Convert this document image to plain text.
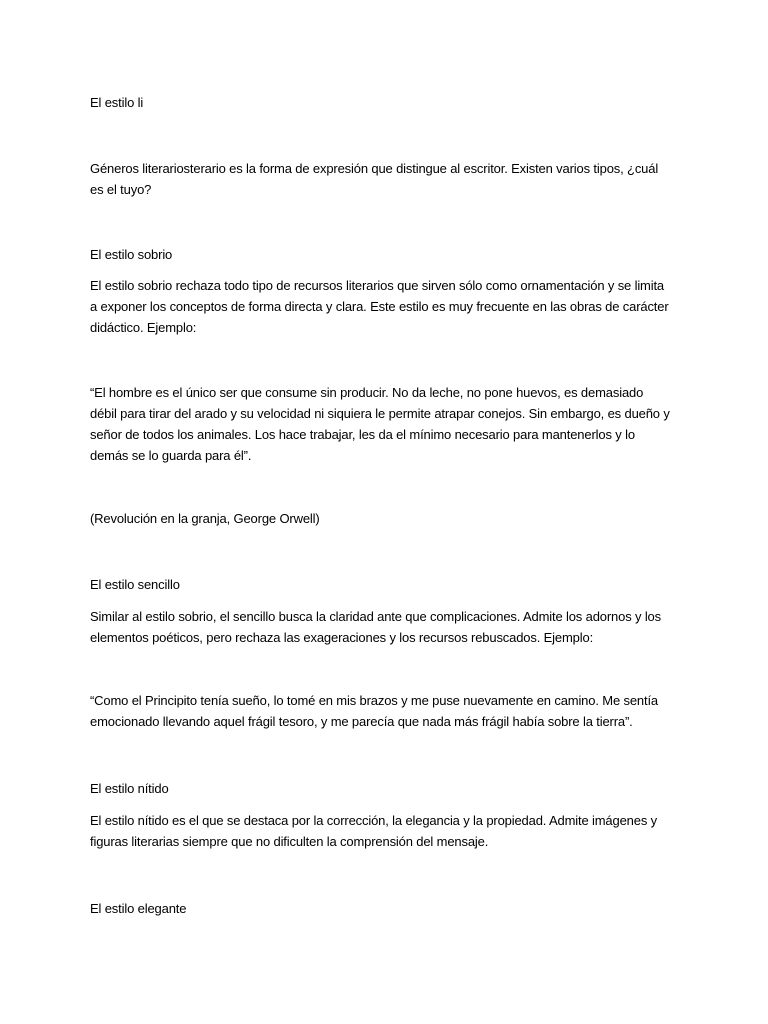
El estilo li

Géneros literariosterario es la forma de expresión que distingue al escritor. Existen varios tipos, ¿cuál es el tuyo?

El estilo sobrio

El estilo sobrio rechaza todo tipo de recursos literarios que sirven sólo como ornamentación y se limita a exponer los conceptos de forma directa y clara. Este estilo es muy frecuente en las obras de carácter didáctico. Ejemplo:

“El hombre es el único ser que consume sin producir. No da leche, no pone huevos, es demasiado débil para tirar del arado y su velocidad ni siquiera le permite atrapar conejos. Sin embargo, es dueño y señor de todos los animales. Los hace trabajar, les da el mínimo necesario para mantenerlos y lo demás se lo guarda para él”.

(Revolución en la granja, George Orwell)

El estilo sencillo

Similar al estilo sobrio, el sencillo busca la claridad ante que complicaciones. Admite los adornos y los elementos poéticos, pero rechaza las exageraciones y los recursos rebuscados. Ejemplo:

“Como el Principito tenía sueño, lo tomé en mis brazos y me puse nuevamente en camino. Me sentía emocionado llevando aquel frágil tesoro, y me parecía que nada más frágil había sobre la tierra”.

El estilo nítido

El estilo nítido es el que se destaca por la corrección, la elegancia y la propiedad. Admite imágenes y figuras literarias siempre que no dificulten la comprensión del mensaje.

El estilo elegante
